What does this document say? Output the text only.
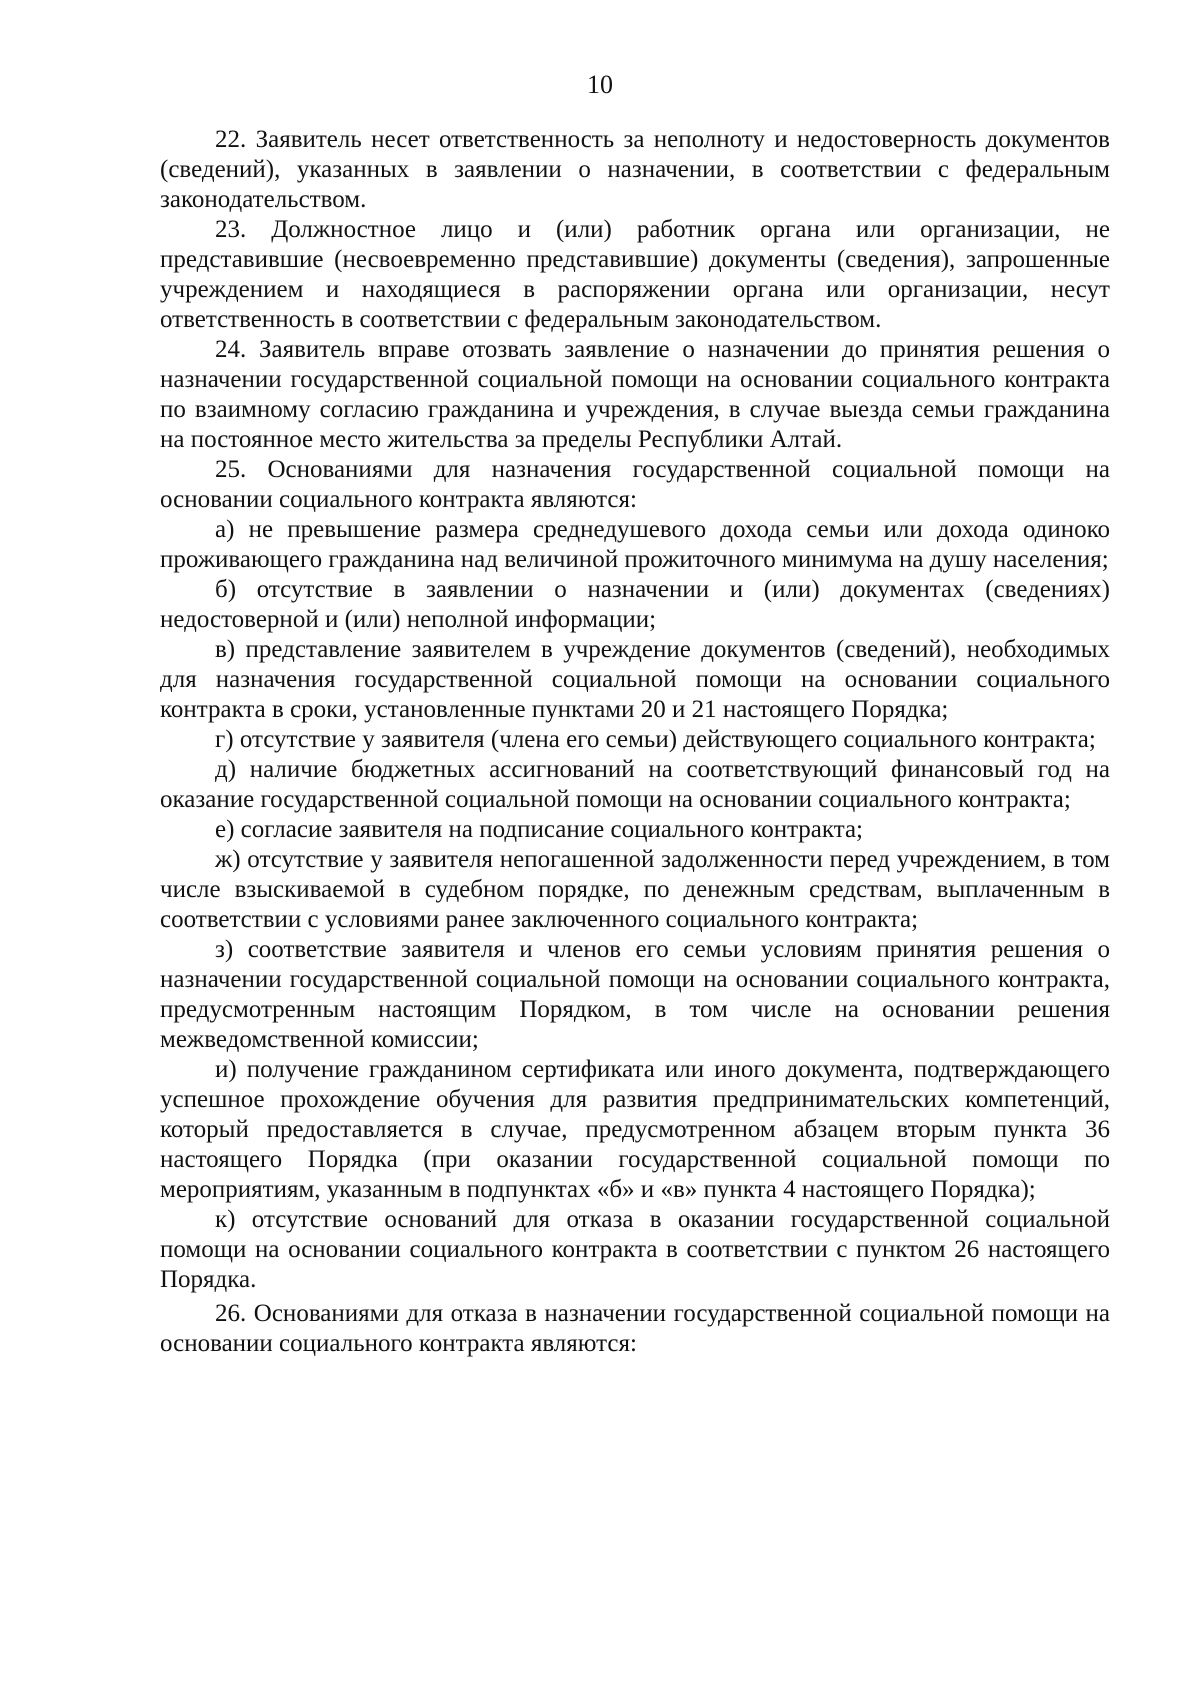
10

22. Заявитель несет ответственность за неполноту и недостоверность документов (сведений), указанных в заявлении о назначении, в соответствии с федеральным законодательством.

23. Должностное лицо и (или) работник органа или организации, не представившие (несвоевременно представившие) документы (сведения), запрошенные учреждением и находящиеся в распоряжении органа или организации, несут ответственность в соответствии с федеральным законодательством.

24. Заявитель вправе отозвать заявление о назначении до принятия решения о назначении государственной социальной помощи на основании социального контракта по взаимному согласию гражданина и учреждения, в случае выезда семьи гражданина на постоянное место жительства за пределы Республики Алтай.

25. Основаниями для назначения государственной социальной помощи на основании социального контракта являются:

а) не превышение размера среднедушевого дохода семьи или дохода одиноко проживающего гражданина над величиной прожиточного минимума на душу населения;

б) отсутствие в заявлении о назначении и (или) документах (сведениях) недостоверной и (или) неполной информации;

в) представление заявителем в учреждение документов (сведений), необходимых для назначения государственной социальной помощи на основании социального контракта в сроки, установленные пунктами 20 и 21 настоящего Порядка;

г) отсутствие у заявителя (члена его семьи) действующего социального контракта;

д) наличие бюджетных ассигнований на соответствующий финансовый год на оказание государственной социальной помощи на основании социального контракта;

е) согласие заявителя на подписание социального контракта;

ж) отсутствие у заявителя непогашенной задолженности перед учреждением, в том числе взыскиваемой в судебном порядке, по денежным средствам, выплаченным в соответствии с условиями ранее заключенного социального контракта;

з) соответствие заявителя и членов его семьи условиям принятия решения о назначении государственной социальной помощи на основании социального контракта, предусмотренным настоящим Порядком, в том числе на основании решения межведомственной комиссии;

и) получение гражданином сертификата или иного документа, подтверждающего успешное прохождение обучения для развития предпринимательских компетенций, который предоставляется в случае, предусмотренном абзацем вторым пункта 36 настоящего Порядка (при оказании государственной социальной помощи по мероприятиям, указанным в подпунктах «б» и «в» пункта 4 настоящего Порядка);

к) отсутствие оснований для отказа в оказании государственной социальной помощи на основании социального контракта в соответствии с пунктом 26 настоящего Порядка.

26. Основаниями для отказа в назначении государственной социальной помощи на основании социального контракта являются:
